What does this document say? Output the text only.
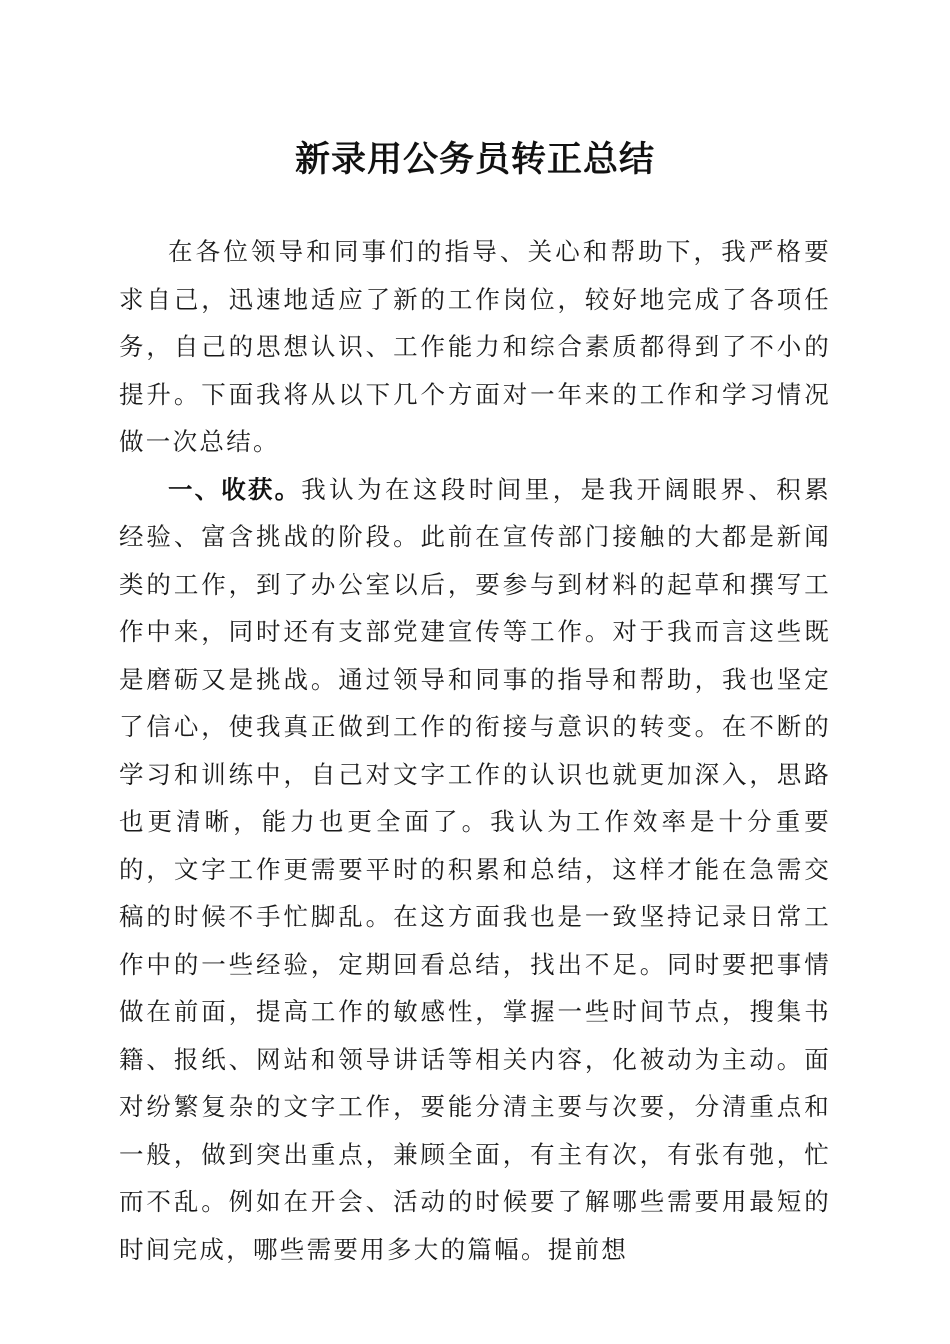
新录用公务员转正总结

在各位领导和同事们的指导、关心和帮助下，我严格要求自己，迅速地适应了新的工作岗位，较好地完成了各项任务，自己的思想认识、工作能力和综合素质都得到了不小的提升。下面我将从以下几个方面对一年来的工作和学习情况做一次总结。

一、收获。我认为在这段时间里，是我开阔眼界、积累经验、富含挑战的阶段。此前在宣传部门接触的大都是新闻类的工作，到了办公室以后，要参与到材料的起草和撰写工作中来，同时还有支部党建宣传等工作。对于我而言这些既是磨砺又是挑战。通过领导和同事的指导和帮助，我也坚定了信心，使我真正做到工作的衔接与意识的转变。在不断的学习和训练中，自己对文字工作的认识也就更加深入，思路也更清晰，能力也更全面了。我认为工作效率是十分重要的，文字工作更需要平时的积累和总结，这样才能在急需交稿的时候不手忙脚乱。在这方面我也是一致坚持记录日常工作中的一些经验，定期回看总结，找出不足。同时要把事情做在前面，提高工作的敏感性，掌握一些时间节点，搜集书籍、报纸、网站和领导讲话等相关内容，化被动为主动。面对纷繁复杂的文字工作，要能分清主要与次要，分清重点和一般，做到突出重点，兼顾全面，有主有次，有张有弛，忙而不乱。例如在开会、活动的时候要了解哪些需要用最短的时间完成，哪些需要用多大的篇幅。提前想
